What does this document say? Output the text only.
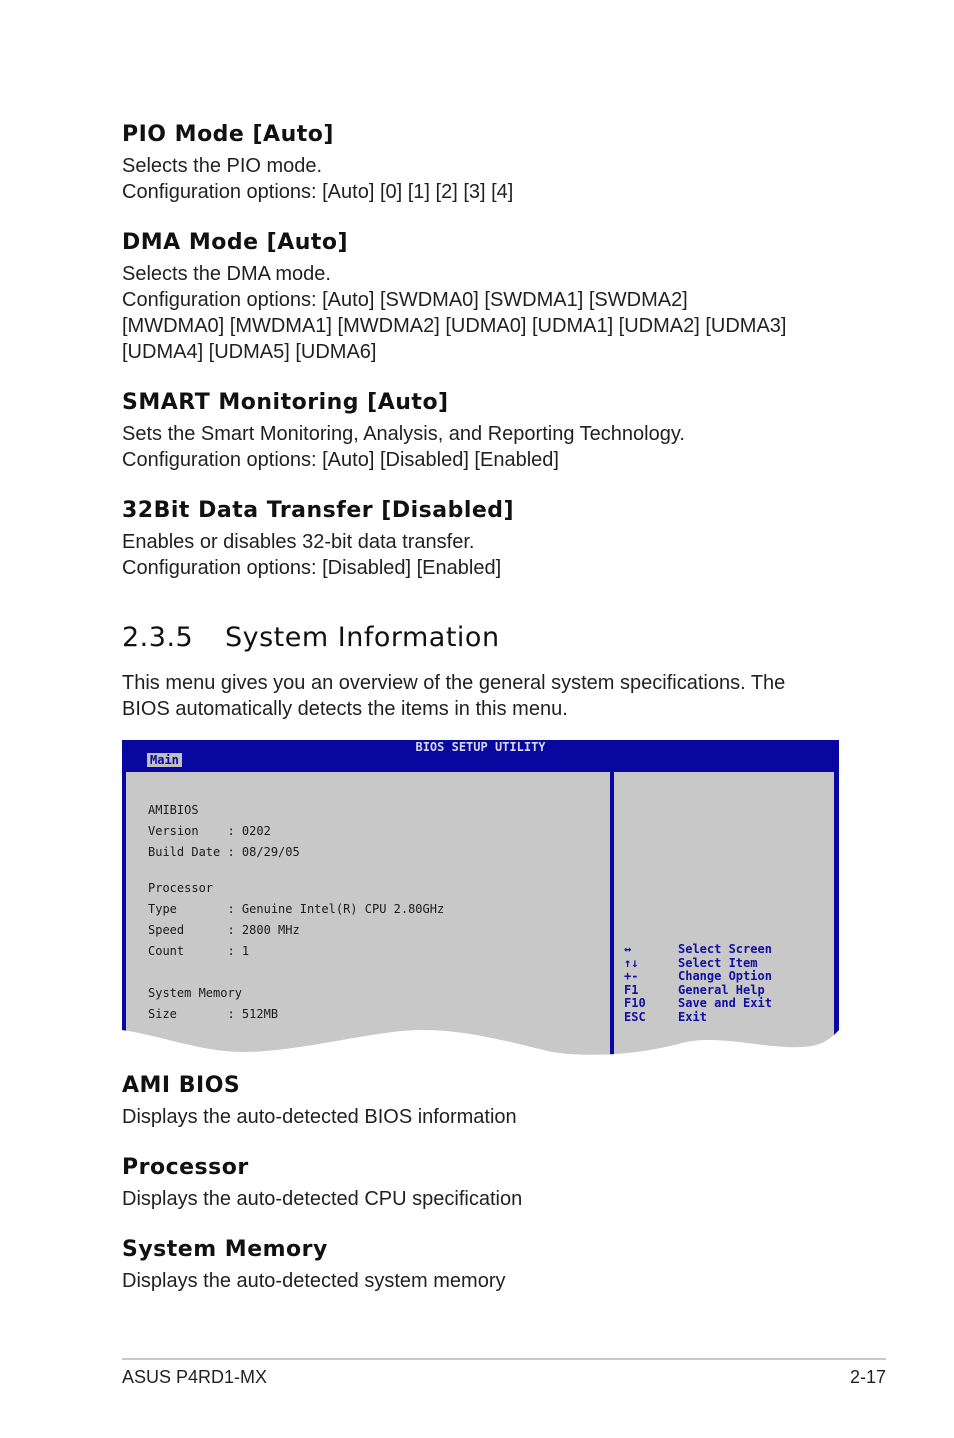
PIO Mode [Auto]
Selects the PIO mode.
Configuration options: [Auto] [0] [1] [2] [3] [4]
DMA Mode [Auto]
Selects the DMA mode.
Configuration options: [Auto] [SWDMA0] [SWDMA1] [SWDMA2]
[MWDMA0] [MWDMA1] [MWDMA2] [UDMA0] [UDMA1] [UDMA2] [UDMA3]
[UDMA4] [UDMA5] [UDMA6]
SMART Monitoring [Auto]
Sets the Smart Monitoring, Analysis, and Reporting Technology.
Configuration options: [Auto] [Disabled] [Enabled]
32Bit Data Transfer [Disabled]
Enables or disables 32-bit data transfer.
Configuration options: [Disabled] [Enabled]
2.3.5 System Information
This menu gives you an overview of the general system specifications. The
BIOS automatically detects the items in this menu.
BIOS SETUP UTILITY
Main
AMIBIOS
Version    : 0202
Build Date : 08/29/05
Processor
Type       : Genuine Intel(R) CPU 2.80GHz
Speed      : 2800 MHz
Count      : 1
System Memory
Size       : 512MB
↔	Select Screen
↑↓	Select Item
+-	Change Option
F1	General Help
F10	Save and Exit
ESC	Exit
AMI BIOS
Displays the auto-detected BIOS information
Processor
Displays the auto-detected CPU specification
System Memory
Displays the auto-detected system memory
ASUS P4RD1-MX	2-17
